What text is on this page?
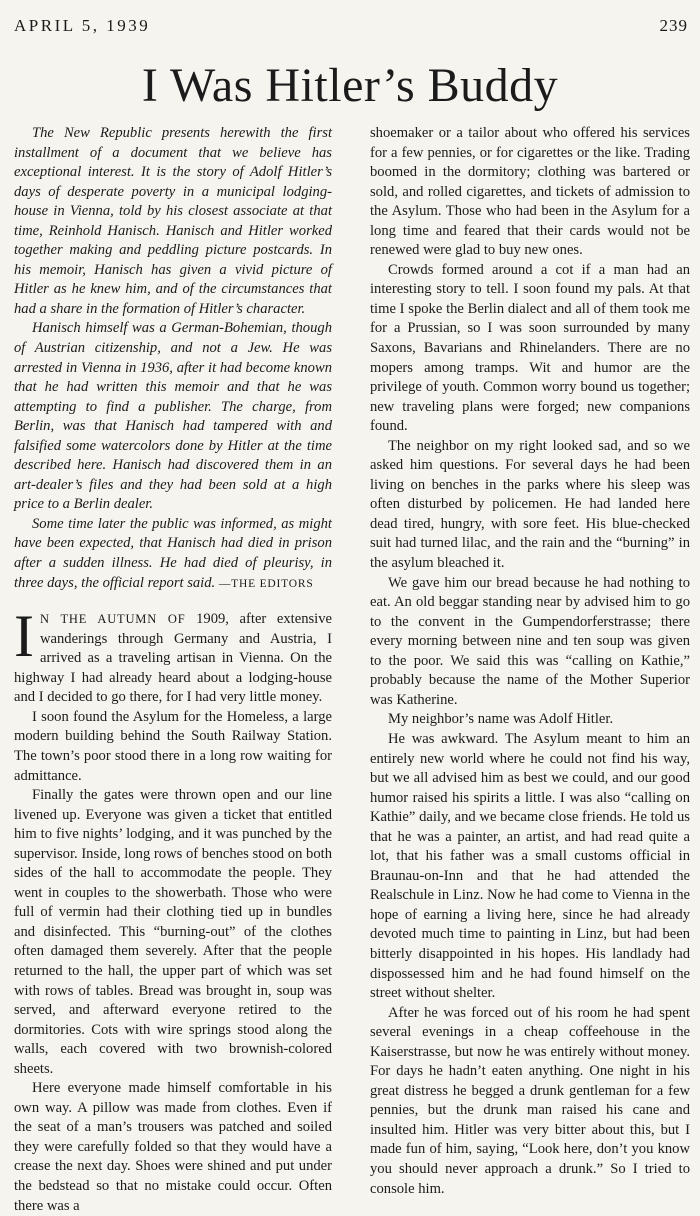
APRIL 5, 1939	239
I Was Hitler’s Buddy

The New Republic presents herewith the first installment of a document that we believe has exceptional interest. It is the story of Adolf Hitler’s days of desperate poverty in a municipal lodging-house in Vienna, told by his closest associate at that time, Reinhold Hanisch. Hanisch and Hitler worked together making and peddling picture postcards. In his memoir, Hanisch has given a vivid picture of Hitler as he knew him, and of the circumstances that had a share in the formation of Hitler’s character.

Hanisch himself was a German-Bohemian, though of Austrian citizenship, and not a Jew. He was arrested in Vienna in 1936, after it had become known that he had written this memoir and that he was attempting to find a publisher. The charge, from Berlin, was that Hanisch had tampered with and falsified some watercolors done by Hitler at the time described here. Hanisch had discovered them in an art-dealer’s files and they had been sold at a high price to a Berlin dealer.

Some time later the public was informed, as might have been expected, that Hanisch had died in prison after a sudden illness. He had died of pleurisy, in three days, the official report said. —THE EDITORS

I N THE AUTUMN OF 1909, after extensive wanderings through Germany and Austria, I arrived as a traveling artisan in Vienna. On the highway I had already heard about a lodging-house and I decided to go there, for I had very little money.

I soon found the Asylum for the Homeless, a large modern building behind the South Railway Station. The town’s poor stood there in a long row waiting for admittance.

Finally the gates were thrown open and our line livened up. Everyone was given a ticket that entitled him to five nights’ lodging, and it was punched by the supervisor. Inside, long rows of benches stood on both sides of the hall to accommodate the people. They went in couples to the showerbath. Those who were full of vermin had their clothing tied up in bundles and disinfected. This “burning-out” of the clothes often damaged them severely. After that the people returned to the hall, the upper part of which was set with rows of tables. Bread was brought in, soup was served, and afterward everyone retired to the dormitories. Cots with wire springs stood along the walls, each covered with two brownish-colored sheets.

Here everyone made himself comfortable in his own way. A pillow was made from clothes. Even if the seat of a man’s trousers was patched and soiled they were carefully folded so that they would have a crease the next day. Shoes were shined and put under the bedstead so that no mistake could occur. Often there was a

shoemaker or a tailor about who offered his services for a few pennies, or for cigarettes or the like. Trading boomed in the dormitory; clothing was bartered or sold, and rolled cigarettes, and tickets of admission to the Asylum. Those who had been in the Asylum for a long time and feared that their cards would not be renewed were glad to buy new ones.

Crowds formed around a cot if a man had an interesting story to tell. I soon found my pals. At that time I spoke the Berlin dialect and all of them took me for a Prussian, so I was soon surrounded by many Saxons, Bavarians and Rhinelanders. There are no mopers among tramps. Wit and humor are the privilege of youth. Common worry bound us together; new traveling plans were forged; new companions found.

The neighbor on my right looked sad, and so we asked him questions. For several days he had been living on benches in the parks where his sleep was often disturbed by policemen. He had landed here dead tired, hungry, with sore feet. His blue-checked suit had turned lilac, and the rain and the “burning” in the asylum bleached it.

We gave him our bread because he had nothing to eat. An old beggar standing near by advised him to go to the convent in the Gumpendorferstrasse; there every morning between nine and ten soup was given to the poor. We said this was “calling on Kathie,” probably because the name of the Mother Superior was Katherine.

My neighbor’s name was Adolf Hitler.

He was awkward. The Asylum meant to him an entirely new world where he could not find his way, but we all advised him as best we could, and our good humor raised his spirits a little. I was also “calling on Kathie” daily, and we became close friends. He told us that he was a painter, an artist, and had read quite a lot, that his father was a small customs official in Braunau-on-Inn and that he had attended the Realschule in Linz. Now he had come to Vienna in the hope of earning a living here, since he had already devoted much time to painting in Linz, but had been bitterly disappointed in his hopes. His landlady had dispossessed him and he had found himself on the street without shelter.

After he was forced out of his room he had spent several evenings in a cheap coffeehouse in the Kaiserstrasse, but now he was entirely without money. For days he hadn’t eaten anything. One night in his great distress he begged a drunk gentleman for a few pennies, but the drunk man raised his cane and insulted him. Hitler was very bitter about this, but I made fun of him, saying, “Look here, don’t you know you should never approach a drunk.” So I tried to console him.
